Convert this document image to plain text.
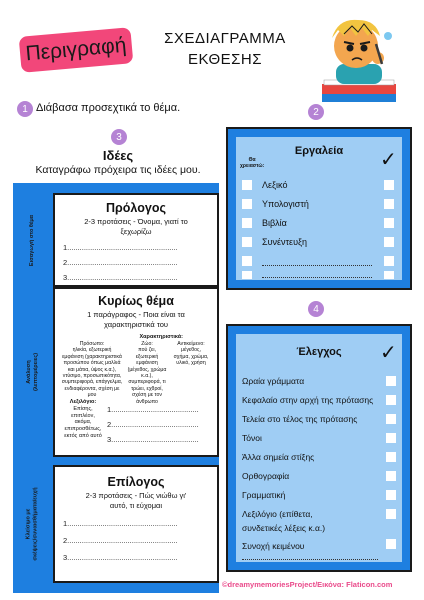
Περιγραφή	ΣΧΕΔΙΑΓΡΑΜΜΑ
ΕΚΘΕΣΗΣ
1 Διάβασα προσεχτικά το θέμα.	2
3
4
Ιδέες
Καταγράφω πρόχειρα τις ιδέες μου.
Εισαγωγή στο θέμα
Πρόλογος
2-3 προτάσεις - Όνομα, γιατί το
ξεχωρίζω
1.....................................................
2.....................................................
3.....................................................
Ανάλυση
(λεπτομέρειες)
Κυρίως θέμα
1 παράγραφος - Ποια είναι τα
χαρακτηριστικά του
Χαρακτηριστικά:
Πρόσωπο:
ηλικία, εξωτερική
εμφάνιση (χαρακτηριστικά
προσώπου όπως μαλλιά
και μάτια, ύψος κ.α.),
ντύσιμο, προσωπικότητα,
συμπεριφορά, επάγγελμα,
ενδιαφέροντα, σχέση με
μου
Ζώο:
πού ζει,
εξωτερική
εμφάνιση
(μέγεθος, χρώμα
κ.α.),
συμπεριφορά, τι
τρώει, εχθροί,
σχέση με τον
άνθρωπο
Αντικείμενο:
μέγεθος,
σχήμα, χρώμα,
υλικό, χρήση
Λεξιλόγιο:
Επίσης,
επιπλέον,
ακόμα,
επιπροσθέτως,
εκτός από αυτό
1..........................................
2..........................................
3..........................................
Κλείσιμο με
σκέψεις/συναισθήματα/ευχή
Επίλογος
2-3 προτάσεις - Πώς νιώθω γι'
αυτό, τι εύχομαι
1.....................................................
2.....................................................
3.....................................................
Εργαλεία
Θα
χρειαστώ:	✓
Λεξικό
Υπολογιστή
Βιβλία
Συνέντευξη
Έλεγχος	✓
Ωραία γράμματα
Κεφαλαίο στην αρχή της πρότασης
Τελεία στο τέλος της πρότασης
Τόνοι
Άλλα σημεία στίξης
Ορθογραφία
Γραμματική
Λεξιλόγιο (επίθετα,
συνδετικές λέξεις κ.α.)
Συνοχή κειμένου
©dreamymemoriesProject/Εικόνα: Flaticon.com
